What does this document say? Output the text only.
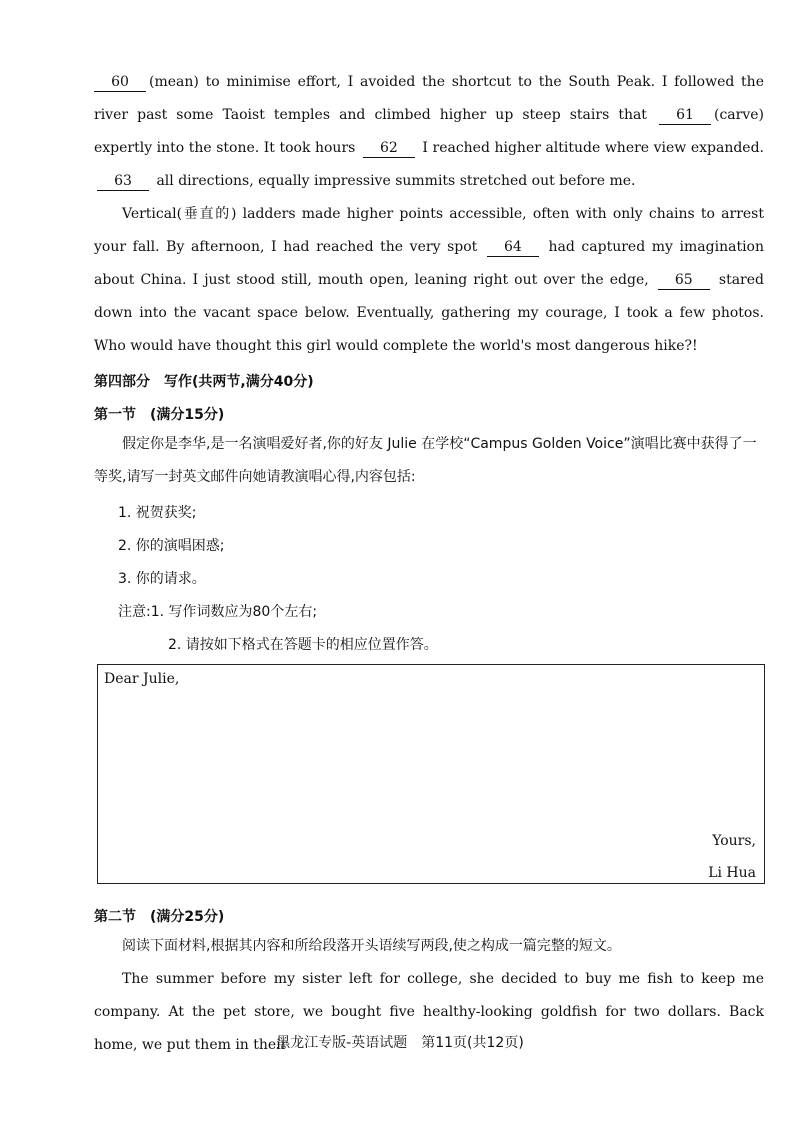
60 (mean) to minimise effort, I avoided the shortcut to the South Peak. I followed the river past some Taoist temples and climbed higher up steep stairs that 61 (carve) expertly into the stone. It took hours 62 I reached higher altitude where view expanded. 63 all directions, equally impressive summits stretched out before me.

Vertical(垂直的) ladders made higher points accessible, often with only chains to arrest your fall. By afternoon, I had reached the very spot 64 had captured my imagination about China. I just stood still, mouth open, leaning right out over the edge, 65 stared down into the vacant space below. Eventually, gathering my courage, I took a few photos. Who would have thought this girl would complete the world's most dangerous hike?!

第四部分　写作(共两节,满分40分)
第一节　(满分15分)

假定你是李华,是一名演唱爱好者,你的好友 Julie 在学校“Campus Golden Voice”演唱比赛中获得了一等奖,请写一封英文邮件向她请教演唱心得,内容包括:

1. 祝贺获奖;
2. 你的演唱困惑;
3. 你的请求。
注意:1. 写作词数应为80个左右;
2. 请按如下格式在答题卡的相应位置作答。
Dear Julie,
Yours,
Li Hua
第二节　(满分25分)

阅读下面材料,根据其内容和所给段落开头语续写两段,使之构成一篇完整的短文。

The summer before my sister left for college, she decided to buy me fish to keep me company. At the pet store, we bought five healthy-looking goldfish for two dollars. Back home, we put them in their

黑龙江专版-英语试题　第11页(共12页)
